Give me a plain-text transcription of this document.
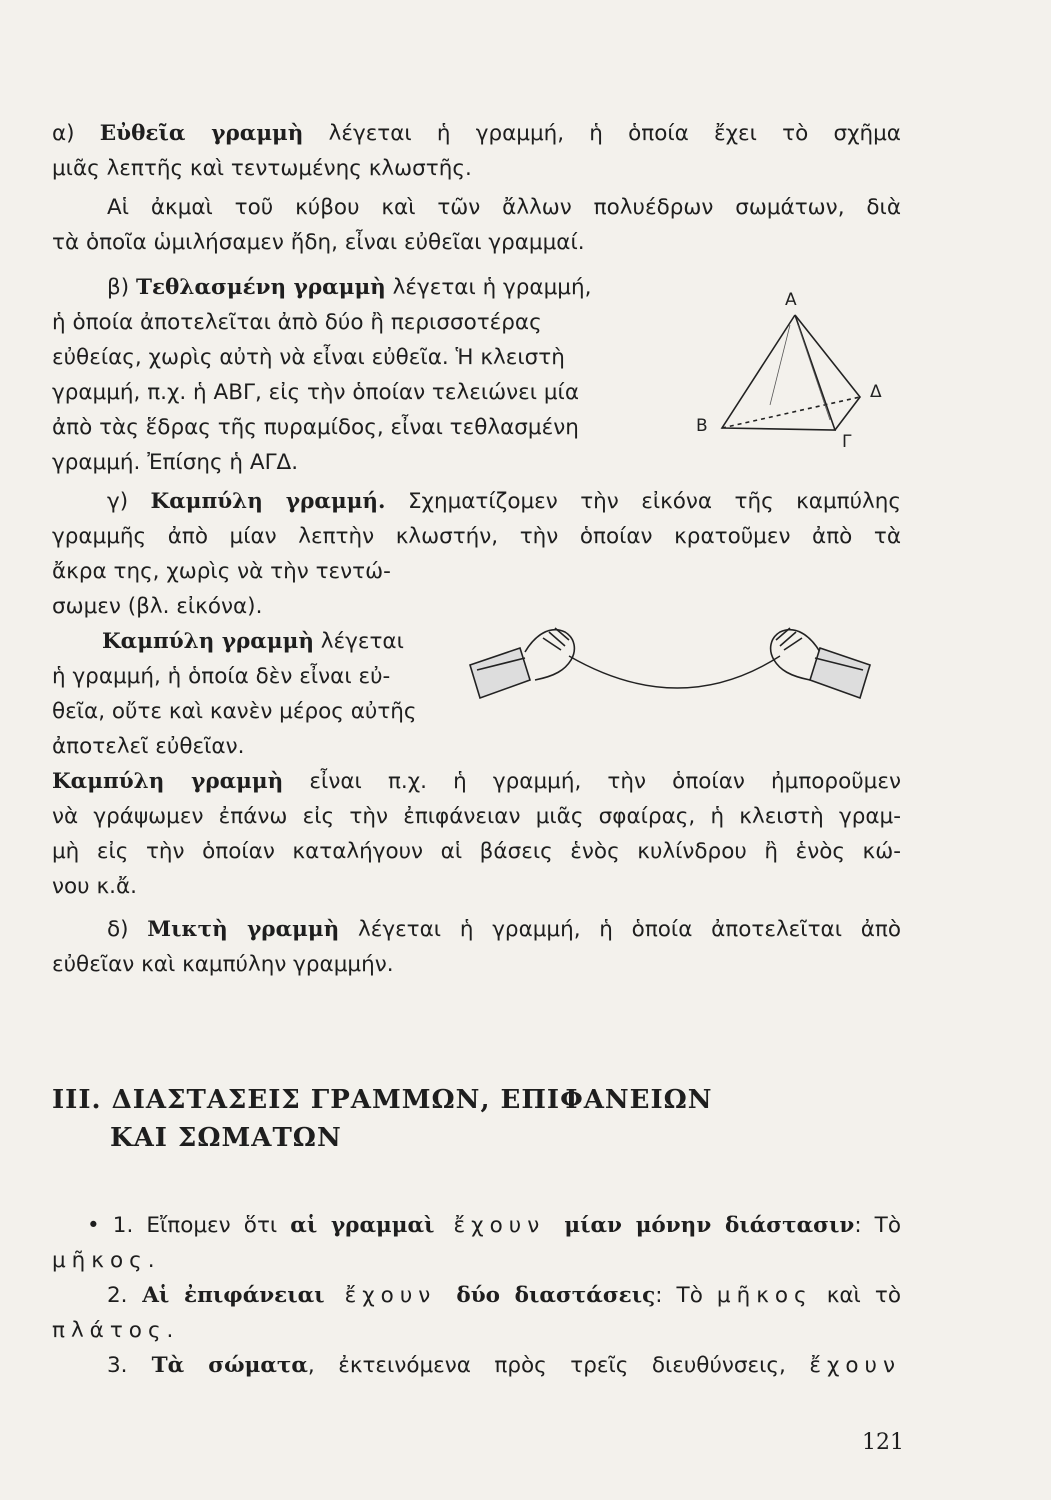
α) Εὐθεῖα γραμμὴ λέγεται ἡ γραμμή, ἡ ὁποία ἔχει τὸ σχῆμα
μιᾶς λεπτῆς καὶ τεντωμένης κλωστῆς.
Αἱ ἀκμαὶ τοῦ κύβου καὶ τῶν ἄλλων πολυέδρων σωμάτων, διὰ
τὰ ὁποῖα ὡμιλήσαμεν ἤδη, εἶναι εὐθεῖαι γραμμαί.
β) Τεθλασμένη γραμμὴ λέγεται ἡ γραμμή,
ἡ ὁποία ἀποτελεῖται ἀπὸ δύο ἢ περισσοτέρας
εὐθείας, χωρὶς αὐτὴ νὰ εἶναι εὐθεῖα. Ἡ κλειστὴ
γραμμή, π.χ. ἡ ΑΒΓ, εἰς τὴν ὁποίαν τελειώνει μία
ἀπὸ τὰς ἕδρας τῆς πυραμίδος, εἶναι τεθλασμένη
γραμμή. Ἐπίσης ἡ ΑΓΔ.
Α
Β
Γ
Δ
γ) Καμπύλη γραμμή. Σχηματίζομεν τὴν εἰκόνα τῆς καμπύλης
γραμμῆς ἀπὸ μίαν λεπτὴν κλωστήν, τὴν ὁποίαν κρατοῦμεν ἀπὸ τὰ
ἄκρα της, χωρὶς νὰ τὴν τεντώ-
σωμεν (βλ. εἰκόνα).
Καμπύλη γραμμὴ λέγεται
ἡ γραμμή, ἡ ὁποία δὲν εἶναι εὐ-
θεῖα, οὔτε καὶ κανὲν μέρος αὐτῆς
ἀποτελεῖ εὐθεῖαν.
Καμπύλη γραμμὴ εἶναι π.χ. ἡ γραμμή, τὴν ὁποίαν ἠμποροῦμεν
νὰ γράψωμεν ἐπάνω εἰς τὴν ἐπιφάνειαν μιᾶς σφαίρας, ἡ κλειστὴ γραμ-
μὴ εἰς τὴν ὁποίαν καταλήγουν αἱ βάσεις ἑνὸς κυλίνδρου ἢ ἑνὸς κώ-
νου κ.ἄ.
δ) Μικτὴ γραμμὴ λέγεται ἡ γραμμή, ἡ ὁποία ἀποτελεῖται ἀπὸ
εὐθεῖαν καὶ καμπύλην γραμμήν.
ΙΙΙ. ΔΙΑΣΤΑΣΕΙΣ ΓΡΑΜΜΩΝ, ΕΠΙΦΑΝΕΙΩΝ
ΚΑΙ ΣΩΜΑΤΩΝ
• 1. Εἴπομεν ὅτι αἱ γραμμαὶ ἔχουν μίαν μόνην διάστασιν: Τὸ
μῆκος.
2. Αἱ ἐπιφάνειαι ἔχουν δύο διαστάσεις: Τὸ μῆκος καὶ τὸ
πλάτος.
3. Τὰ σώματα, ἐκτεινόμενα πρὸς τρεῖς διευθύνσεις, ἔχουν
121
